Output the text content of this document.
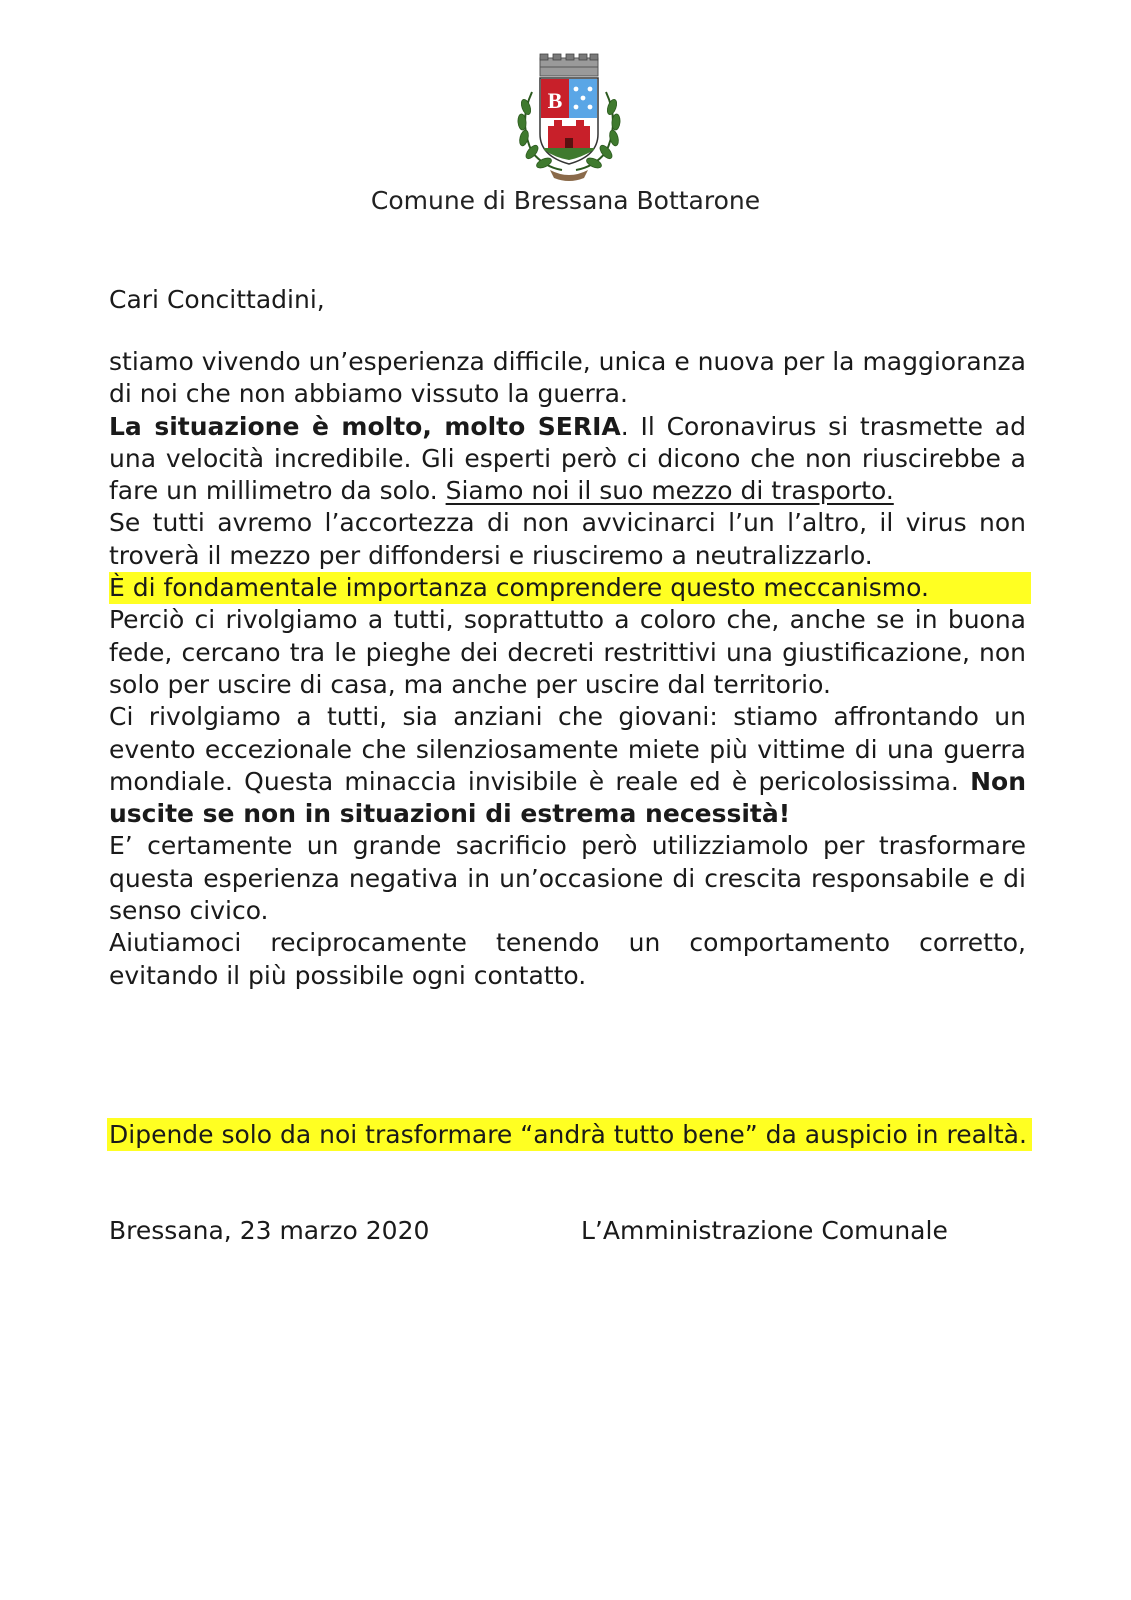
B
Comune di Bressana Bottarone
Cari Concittadini,

stiamo vivendo un’esperienza difficile, unica e nuova per la maggioranza di noi che non abbiamo vissuto la guerra.

La situazione è molto, molto SERIA. Il Coronavirus si trasmette ad una velocità incredibile. Gli esperti però ci dicono che non riuscirebbe a fare un millimetro da solo. Siamo noi il suo mezzo di trasporto.

Se tutti avremo l’accortezza di non avvicinarci l’un l’altro, il virus non troverà il mezzo per diffondersi e riusciremo a neutralizzarlo.

È di fondamentale importanza comprendere questo meccanismo.

Perciò ci rivolgiamo a tutti, soprattutto a coloro che, anche se in buona fede, cercano tra le pieghe dei decreti restrittivi una giustificazione, non solo per uscire di casa, ma anche per uscire dal territorio.

Ci rivolgiamo a tutti, sia anziani che giovani: stiamo affrontando un evento eccezionale che silenziosamente miete più vittime di una guerra mondiale. Questa minaccia invisibile è reale ed è pericolosissima. Non uscite se non in situazioni di estrema necessità!

E’ certamente un grande sacrificio però utilizziamolo per trasformare questa esperienza negativa in un’occasione di crescita responsabile e di senso civico.

Aiutiamoci reciprocamente tenendo un comportamento corretto, evitando il più possibile ogni contatto.

Dipende solo da noi trasformare “andrà tutto bene” da auspicio in realtà.
Bressana, 23 marzo 2020	L’Amministrazione Comunale
